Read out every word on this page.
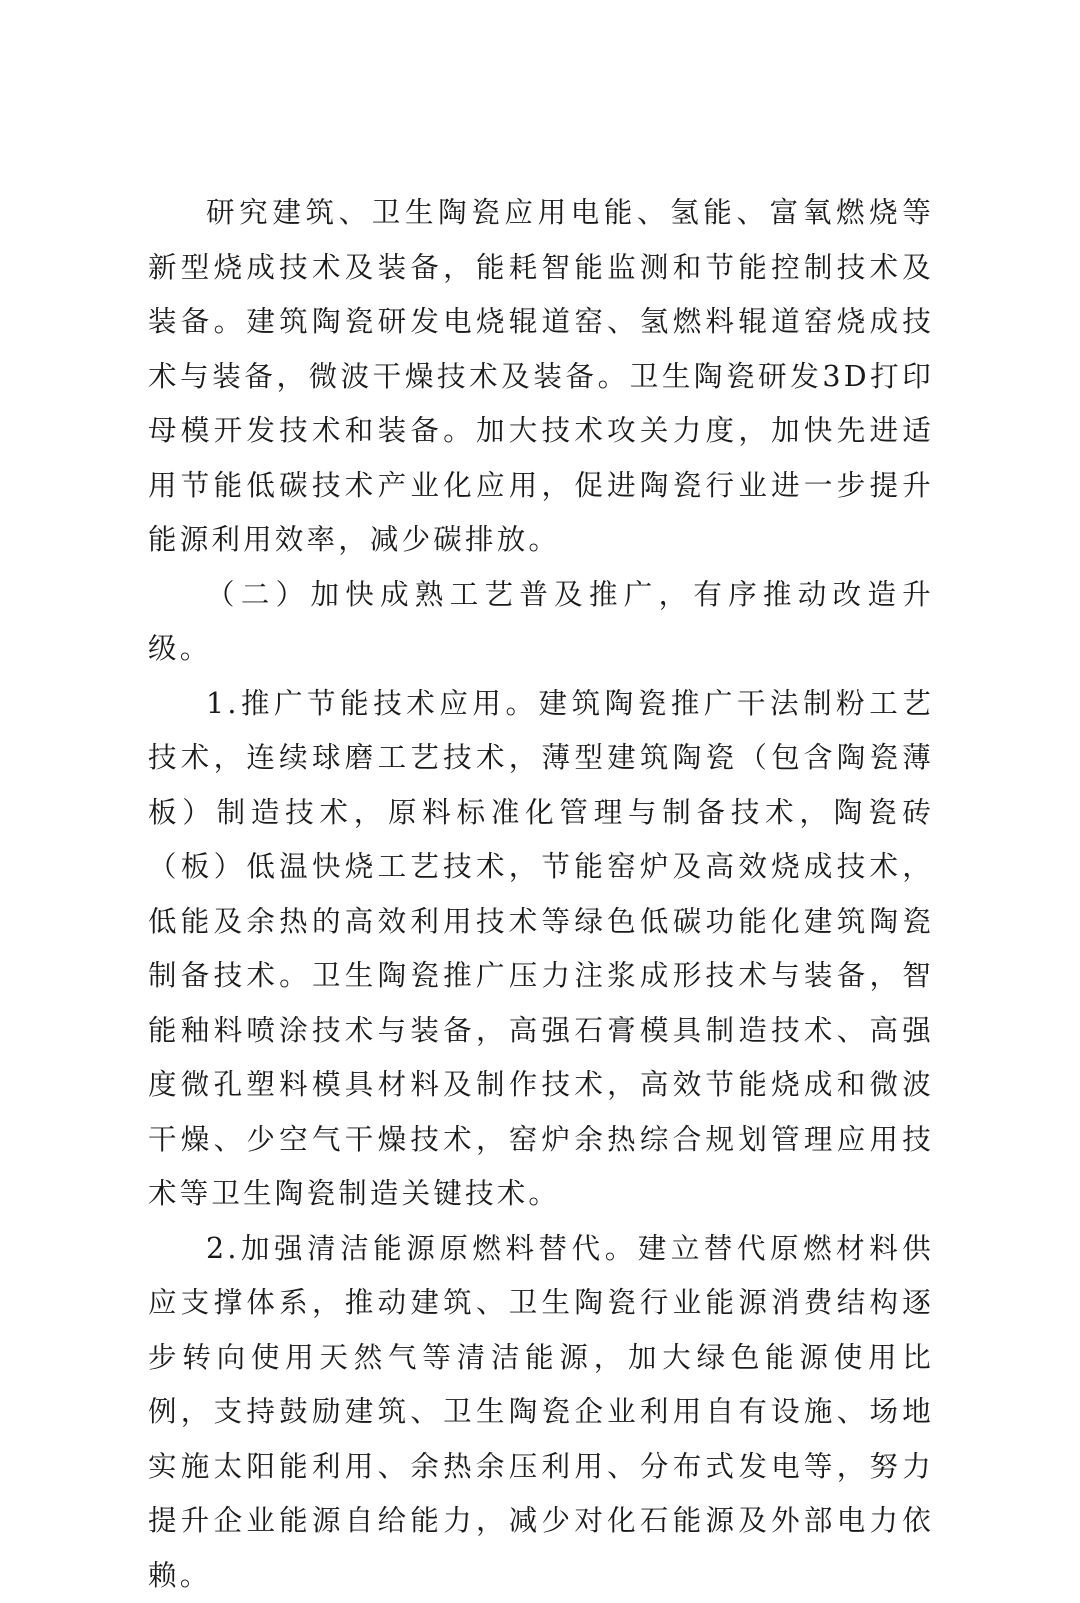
研究建筑、卫生陶瓷应用电能、氢能、富氧燃烧等新型烧成技术及装备，能耗智能监测和节能控制技术及装备。建筑陶瓷研发电烧辊道窑、氢燃料辊道窑烧成技术与装备，微波干燥技术及装备。卫生陶瓷研发3D打印母模开发技术和装备。加大技术攻关力度，加快先进适用节能低碳技术产业化应用，促进陶瓷行业进一步提升能源利用效率，减少碳排放。

（二）加快成熟工艺普及推广，有序推动改造升级。

1.推广节能技术应用。建筑陶瓷推广干法制粉工艺技术，连续球磨工艺技术，薄型建筑陶瓷（包含陶瓷薄板）制造技术，原料标准化管理与制备技术，陶瓷砖（板）低温快烧工艺技术，节能窑炉及高效烧成技术，低能及余热的高效利用技术等绿色低碳功能化建筑陶瓷制备技术。卫生陶瓷推广压力注浆成形技术与装备，智能釉料喷涂技术与装备，高强石膏模具制造技术、高强度微孔塑料模具材料及制作技术，高效节能烧成和微波干燥、少空气干燥技术，窑炉余热综合规划管理应用技术等卫生陶瓷制造关键技术。

2.加强清洁能源原燃料替代。建立替代原燃材料供应支撑体系，推动建筑、卫生陶瓷行业能源消费结构逐步转向使用天然气等清洁能源，加大绿色能源使用比例，支持鼓励建筑、卫生陶瓷企业利用自有设施、场地实施太阳能利用、余热余压利用、分布式发电等，努力提升企业能源自给能力，减少对化石能源及外部电力依赖。
